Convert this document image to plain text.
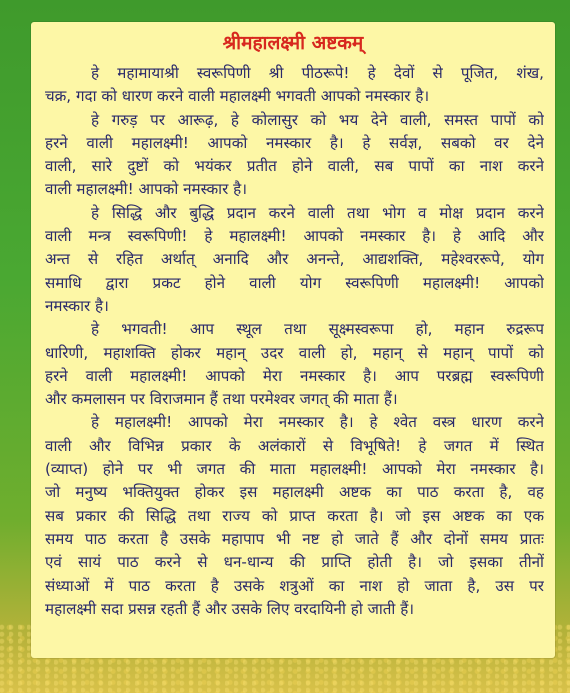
श्रीमहालक्ष्मी अष्टकम्
हे महामायाश्री स्वरूपिणी श्री पीठरूपे! हे देवों से पूजित, शंख,
चक्र, गदा को धारण करने वाली महालक्ष्मी भगवती आपको नमस्कार है।
हे गरुड़ पर आरूढ़, हे कोलासुर को भय देने वाली, समस्त पापों को
हरने वाली महालक्ष्मी! आपको नमस्कार है। हे सर्वज्ञ, सबको वर देने
वाली, सारे दुष्टों को भयंकर प्रतीत होने वाली, सब पापों का नाश करने
वाली महालक्ष्मी! आपको नमस्कार है।
हे सिद्धि और बुद्धि प्रदान करने वाली तथा भोग व मोक्ष प्रदान करने
वाली मन्त्र स्वरूपिणी! हे महालक्ष्मी! आपको नमस्कार है। हे आदि और
अन्त से रहित अर्थात् अनादि और अनन्ते, आद्यशक्ति, महेश्वररूपे, योग
समाधि द्वारा प्रकट होने वाली योग स्वरूपिणी महालक्ष्मी! आपको
नमस्कार है।
हे भगवती! आप स्थूल तथा सूक्ष्मस्वरूपा हो, महान रुद्ररूप
धारिणी, महाशक्ति होकर महान् उदर वाली हो, महान् से महान् पापों को
हरने वाली महालक्ष्मी! आपको मेरा नमस्कार है। आप परब्रह्म स्वरूपिणी
और कमलासन पर विराजमान हैं तथा परमेश्वर जगत् की माता हैं।
हे महालक्ष्मी! आपको मेरा नमस्कार है। हे श्वेत वस्त्र धारण करने
वाली और विभिन्न प्रकार के अलंकारों से विभूषिते! हे जगत में स्थित
(व्याप्त) होने पर भी जगत की माता महालक्ष्मी! आपको मेरा नमस्कार है।
जो मनुष्य भक्तियुक्त होकर इस महालक्ष्मी अष्टक का पाठ करता है, वह
सब प्रकार की सिद्धि तथा राज्य को प्राप्त करता है। जो इस अष्टक का एक
समय पाठ करता है उसके महापाप भी नष्ट हो जाते हैं और दोनों समय प्रातः
एवं सायं पाठ करने से धन-धान्य की प्राप्ति होती है। जो इसका तीनों
संध्याओं में पाठ करता है उसके शत्रुओं का नाश हो जाता है, उस पर
महालक्ष्मी सदा प्रसन्न रहती हैं और उसके लिए वरदायिनी हो जाती हैं।
